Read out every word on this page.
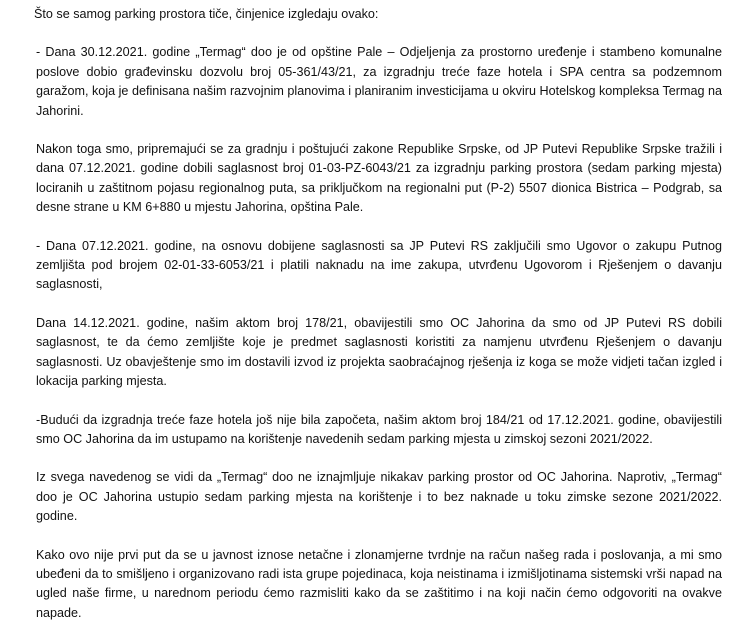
Što se samog parking prostora tiče, činjenice izgledaju ovako:

- Dana 30.12.2021. godine „Termag“ doo je od opštine Pale – Odjeljenja za prostorno uređenje i stambeno komunalne poslove dobio građevinsku dozvolu broj 05-361/43/21, za izgradnju treće faze hotela i SPA centra sa podzemnom garažom, koja je definisana našim razvojnim planovima i planiranim investicijama u okviru Hotelskog kompleksa Termag na Jahorini.

Nakon toga smo, pripremajući se za gradnju i poštujući zakone Republike Srpske, od JP Putevi Republike Srpske tražili i dana 07.12.2021. godine dobili saglasnost broj 01-03-PZ-6043/21 za izgradnju parking prostora (sedam parking mjesta) lociranih u zaštitnom pojasu regionalnog puta, sa priključkom na regionalni put (P-2) 5507 dionica Bistrica – Podgrab, sa desne strane u KM 6+880 u mjestu Jahorina, opština Pale.

- Dana 07.12.2021. godine, na osnovu dobijene saglasnosti sa JP Putevi RS zaključili smo Ugovor o zakupu Putnog zemljišta pod brojem 02-01-33-6053/21 i platili naknadu na ime zakupa, utvrđenu Ugovorom i Rješenjem o davanju saglasnosti,

Dana 14.12.2021. godine, našim aktom broj 178/21, obavijestili smo OC Jahorina da smo od JP Putevi RS dobili saglasnost, te da ćemo zemljište koje je predmet saglasnosti koristiti za namjenu utvrđenu Rješenjem o davanju saglasnosti. Uz obavještenje smo im dostavili izvod iz projekta saobraćajnog rješenja iz koga se može vidjeti tačan izgled i lokacija parking mjesta.

-Budući da izgradnja treće faze hotela još nije bila započeta, našim aktom broj 184/21 od 17.12.2021. godine, obavijestili smo OC Jahorina da im ustupamo na korištenje navedenih sedam parking mjesta u zimskoj sezoni 2021/2022.

Iz svega navedenog se vidi da „Termag“ doo ne iznajmljuje nikakav parking prostor od OC Jahorina. Naprotiv, „Termag“ doo je OC Jahorina ustupio sedam parking mjesta na korištenje i to bez naknade u toku zimske sezone 2021/2022. godine.

Kako ovo nije prvi put da se u javnost iznose netačne i zlonamjerne tvrdnje na račun našeg rada i poslovanja, a mi smo ubeđeni da to smišljeno i organizovano radi ista grupe pojedinaca, koja neistinama i izmišljotinama sistemski vrši napad na ugled naše firme, u narednom periodu ćemo razmisliti kako da se zaštitimo i na koji način ćemo odgovoriti na ovakve napade.
